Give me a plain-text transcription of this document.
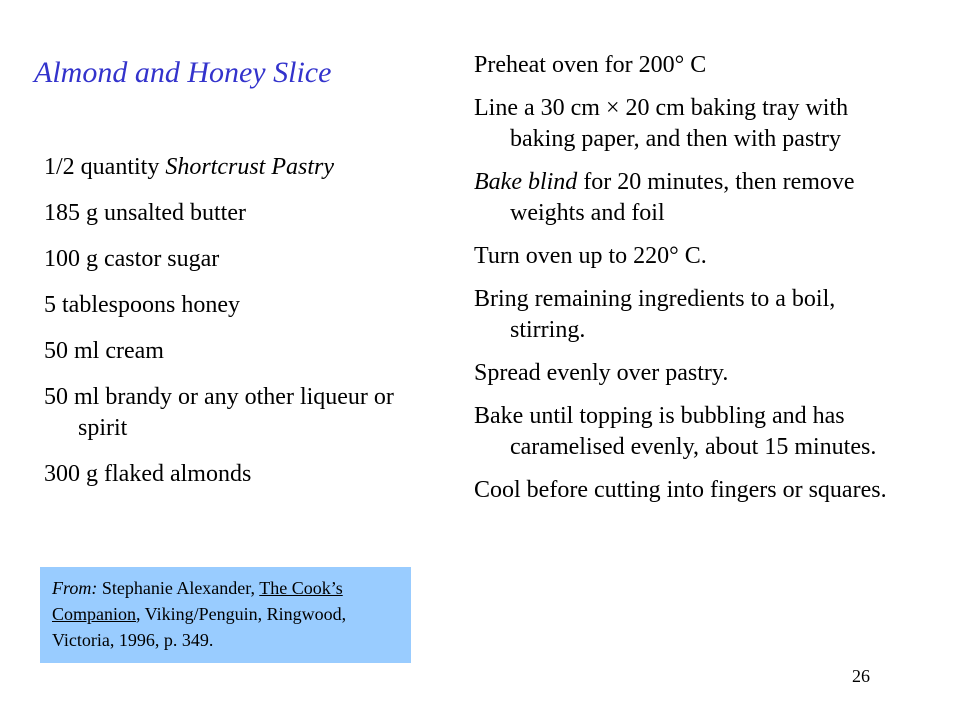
Almond and Honey Slice
1/2 quantity Shortcrust Pastry
185 g unsalted butter
100 g castor sugar
5 tablespoons honey
50 ml cream
50 ml brandy or any other liqueur or spirit
300 g flaked almonds
Preheat oven for 200° C
Line a 30 cm × 20 cm baking tray with baking paper, and then with pastry
Bake blind for 20 minutes, then remove weights and foil
Turn oven up to 220° C.
Bring remaining ingredients to a boil, stirring.
Spread evenly over pastry.
Bake until topping is bubbling and has caramelised evenly, about 15 minutes.
Cool before cutting into fingers or squares.
From: Stephanie Alexander, The Cook’s Companion, Viking/Penguin, Ringwood, Victoria, 1996, p. 349.
26
